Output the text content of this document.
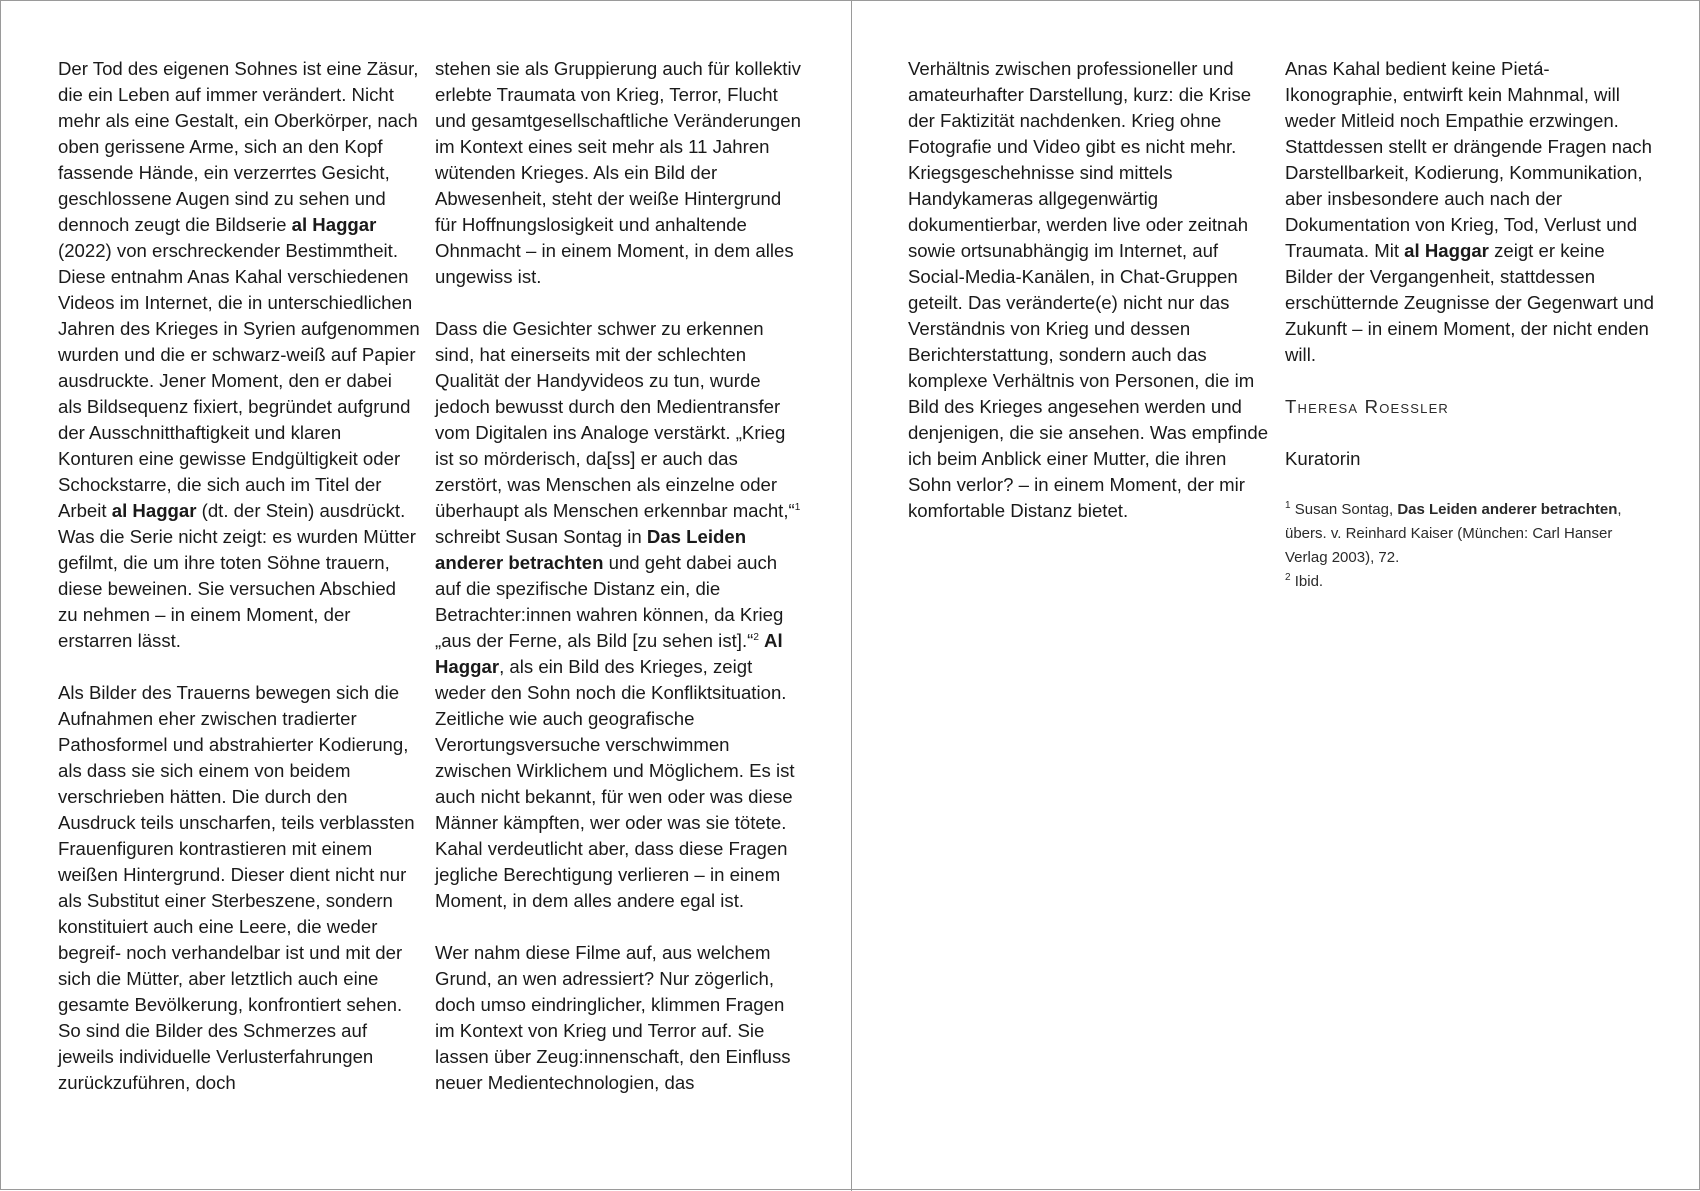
Der Tod des eigenen Sohnes ist eine Zäsur, die ein Leben auf immer verändert. Nicht mehr als eine Gestalt, ein Oberkörper, nach oben gerissene Arme, sich an den Kopf fassende Hände, ein verzerrtes Gesicht, geschlossene Augen sind zu sehen und dennoch zeugt die Bildserie al Haggar (2022) von erschreckender Bestimmtheit. Diese entnahm Anas Kahal verschiedenen Videos im Internet, die in unterschiedlichen Jahren des Krieges in Syrien aufgenommen wurden und die er schwarz-weiß auf Papier ausdruckte. Jener Moment, den er dabei als Bildsequenz fixiert, begründet aufgrund der Ausschnitthaftigkeit und klaren Konturen eine gewisse Endgültigkeit oder Schockstarre, die sich auch im Titel der Arbeit al Haggar (dt. der Stein) ausdrückt. Was die Serie nicht zeigt: es wurden Mütter gefilmt, die um ihre toten Söhne trauern, diese beweinen. Sie versuchen Abschied zu nehmen – in einem Moment, der erstarren lässt.

Als Bilder des Trauerns bewegen sich die Aufnahmen eher zwischen tradierter Pathosformel und abstrahierter Kodierung, als dass sie sich einem von beidem verschrieben hätten. Die durch den Ausdruck teils unscharfen, teils verblassten Frauenfiguren kontrastieren mit einem weißen Hintergrund. Dieser dient nicht nur als Substitut einer Sterbeszene, sondern konstituiert auch eine Leere, die weder begreif- noch verhandelbar ist und mit der sich die Mütter, aber letztlich auch eine gesamte Bevölkerung, konfrontiert sehen. So sind die Bilder des Schmerzes auf jeweils individuelle Verlusterfahrungen zurückzuführen, doch

stehen sie als Gruppierung auch für kollektiv erlebte Traumata von Krieg, Terror, Flucht und gesamtgesellschaftliche Veränderungen im Kontext eines seit mehr als 11 Jahren wütenden Krieges. Als ein Bild der Abwesenheit, steht der weiße Hintergrund für Hoffnungslosigkeit und anhaltende Ohnmacht – in einem Moment, in dem alles ungewiss ist.

Dass die Gesichter schwer zu erkennen sind, hat einerseits mit der schlechten Qualität der Handyvideos zu tun, wurde jedoch bewusst durch den Medientransfer vom Digitalen ins Analoge verstärkt. „Krieg ist so mörderisch, da[ss] er auch das zerstört, was Menschen als einzelne oder überhaupt als Menschen erkennbar macht,“$^1$ schreibt Susan Sontag in Das Leiden anderer betrachten und geht dabei auch auf die spezifische Distanz ein, die Betrachter:innen wahren können, da Krieg „aus der Ferne, als Bild [zu sehen ist].“$^2$ Al Haggar, als ein Bild des Krieges, zeigt weder den Sohn noch die Konfliktsituation. Zeitliche wie auch geografische Verortungsversuche verschwimmen zwischen Wirklichem und Möglichem. Es ist auch nicht bekannt, für wen oder was diese Männer kämpften, wer oder was sie tötete. Kahal verdeutlicht aber, dass diese Fragen jegliche Berechtigung verlieren – in einem Moment, in dem alles andere egal ist.

Wer nahm diese Filme auf, aus welchem Grund, an wen adressiert? Nur zögerlich, doch umso eindringlicher, klimmen Fragen im Kontext von Krieg und Terror auf. Sie lassen über Zeug:innenschaft, den Einfluss neuer Medientechnologien, das

Verhältnis zwischen professioneller und amateurhafter Darstellung, kurz: die Krise der Faktizität nachdenken. Krieg ohne Fotografie und Video gibt es nicht mehr. Kriegsgeschehnisse sind mittels Handykameras allgegenwärtig dokumentierbar, werden live oder zeitnah sowie ortsunabhängig im Internet, auf Social-Media-Kanälen, in Chat-Gruppen geteilt. Das veränderte(e) nicht nur das Verständnis von Krieg und dessen Berichterstattung, sondern auch das komplexe Verhältnis von Personen, die im Bild des Krieges angesehen werden und denjenigen, die sie ansehen. Was empfinde ich beim Anblick einer Mutter, die ihren Sohn verlor? – in einem Moment, der mir komfortable Distanz bietet.

Anas Kahal bedient keine Pietá-Ikonographie, entwirft kein Mahnmal, will weder Mitleid noch Empathie erzwingen. Stattdessen stellt er drängende Fragen nach Darstellbarkeit, Kodierung, Kommunikation, aber insbesondere auch nach der Dokumentation von Krieg, Tod, Verlust und Traumata. Mit al Haggar zeigt er keine Bilder der Vergangenheit, stattdessen erschütternde Zeugnisse der Gegenwart und Zukunft – in einem Moment, der nicht enden will.

Theresa Roessler

Kuratorin

$^1$ Susan Sontag, Das Leiden anderer betrachten, übers. v. Reinhard Kaiser (München: Carl Hanser Verlag 2003), 72.
$^2$ Ibid.
